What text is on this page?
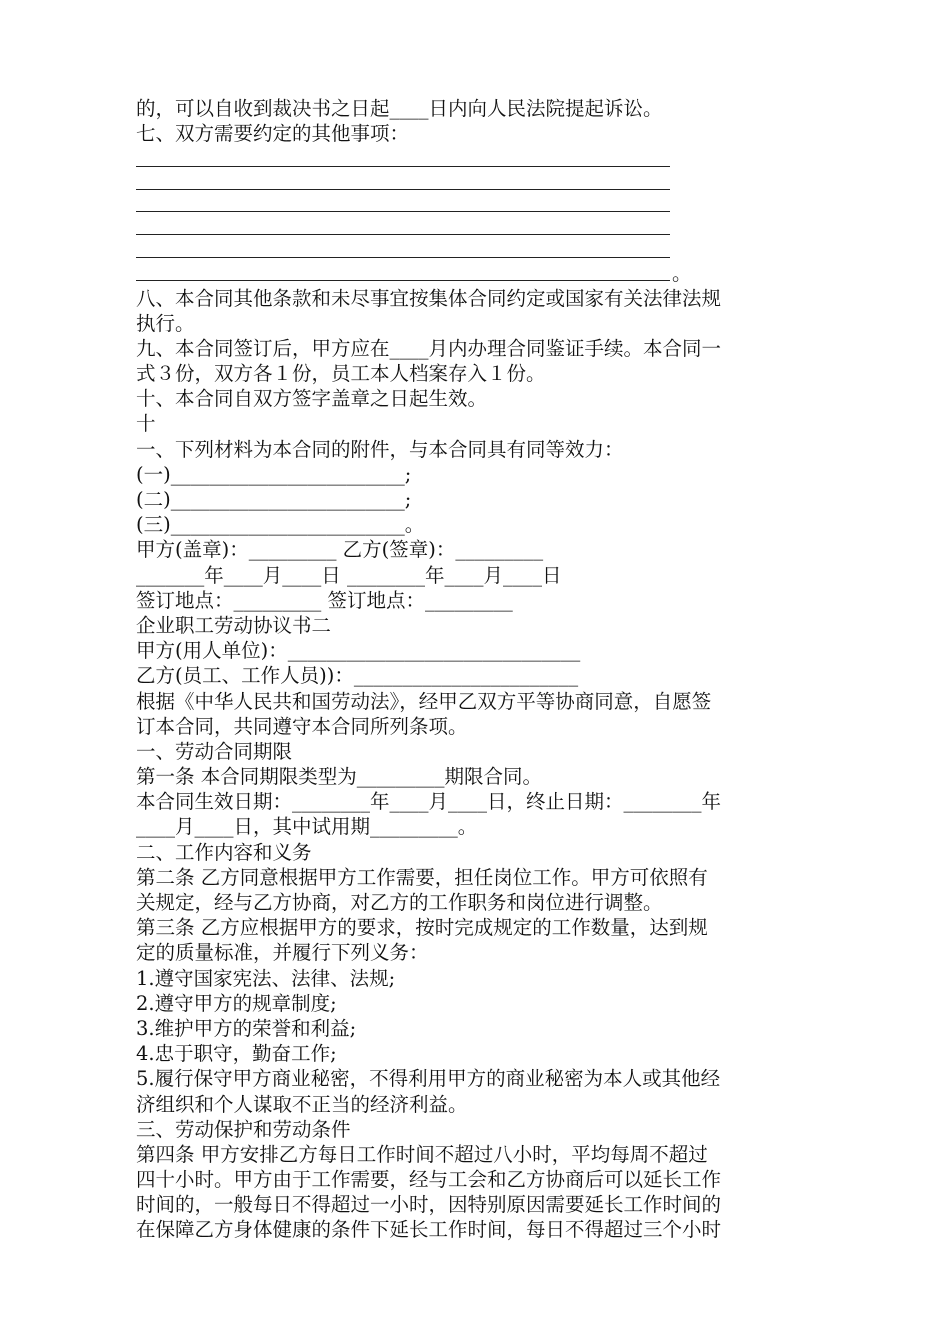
的，可以自收到裁决书之日起____日内向人民法院提起诉讼。
七、双方需要约定的其他事项：
。
八、本合同其他条款和未尽事宜按集体合同约定或国家有关法律法规
执行。
九、本合同签订后，甲方应在____月内办理合同鉴证手续。本合同一
式３份，双方各１份，员工本人档案存入１份。
十、本合同自双方签字盖章之日起生效。
十
一、下列材料为本合同的附件，与本合同具有同等效力：
(一)________________________;
(二)________________________;
(三)________________________。
甲方(盖章)：_________ 乙方(签章)：_________
_______年____月____日 ________年____月____日
签订地点：_________ 签订地点：_________
企业职工劳动协议书二
甲方(用人单位)：______________________________
乙方(员工、工作人员))：_______________________
根据《中华人民共和国劳动法》，经甲乙双方平等协商同意，自愿签
订本合同，共同遵守本合同所列条项。
一、劳动合同期限
第一条 本合同期限类型为_________期限合同。
本合同生效日期：________年____月____日，终止日期：________年
____月____日，其中试用期_________。
二、工作内容和义务
第二条 乙方同意根据甲方工作需要，担任岗位工作。甲方可依照有
关规定，经与乙方协商，对乙方的工作职务和岗位进行调整。
第三条 乙方应根据甲方的要求，按时完成规定的工作数量，达到规
定的质量标准，并履行下列义务：
1.遵守国家宪法、法律、法规;
2.遵守甲方的规章制度;
3.维护甲方的荣誉和利益;
4.忠于职守，勤奋工作;
5.履行保守甲方商业秘密，不得利用甲方的商业秘密为本人或其他经
济组织和个人谋取不正当的经济利益。
三、劳动保护和劳动条件
第四条 甲方安排乙方每日工作时间不超过八小时，平均每周不超过
四十小时。甲方由于工作需要，经与工会和乙方协商后可以延长工作
时间的，一般每日不得超过一小时，因特别原因需要延长工作时间的
在保障乙方身体健康的条件下延长工作时间，每日不得超过三个小时
